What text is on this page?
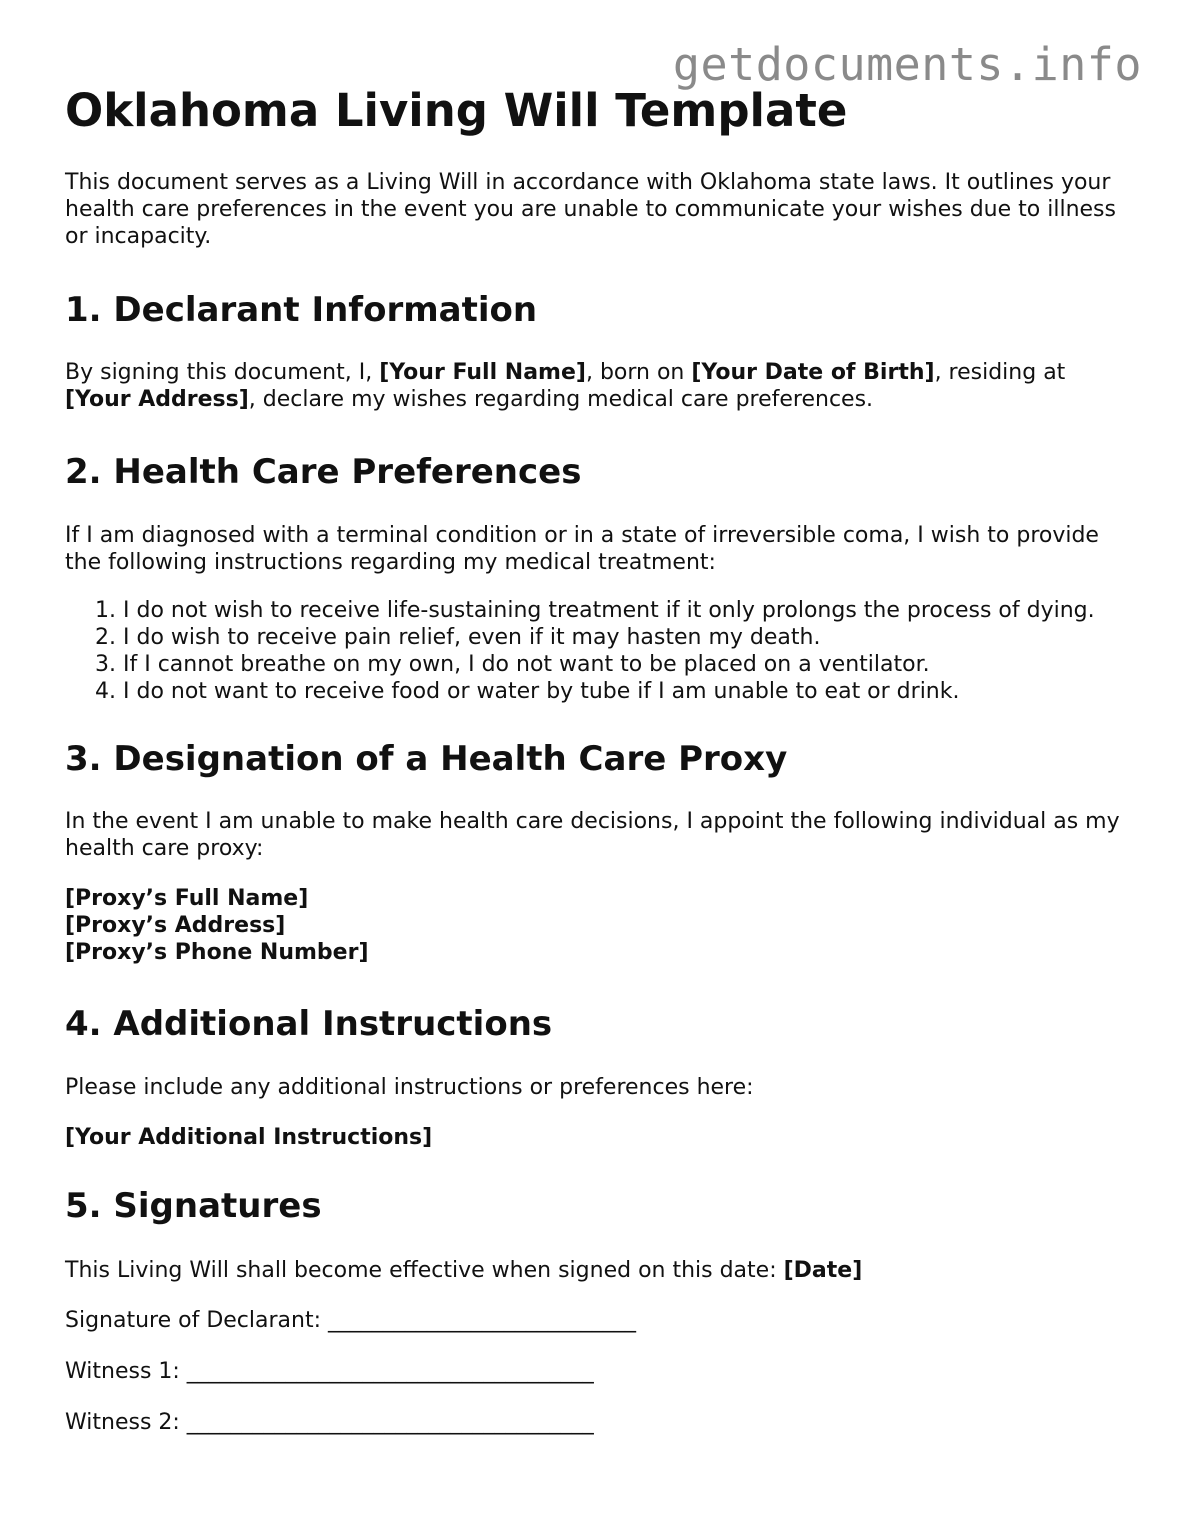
getdocuments.info
Oklahoma Living Will Template

This document serves as a Living Will in accordance with Oklahoma state laws. It outlines your health care preferences in the event you are unable to communicate your wishes due to illness or incapacity.

1. Declarant Information

By signing this document, I, [Your Full Name], born on [Your Date of Birth], residing at [Your Address], declare my wishes regarding medical care preferences.

2. Health Care Preferences

If I am diagnosed with a terminal condition or in a state of irreversible coma, I wish to provide the following instructions regarding my medical treatment:

1. I do not wish to receive life-sustaining treatment if it only prolongs the process of dying.
2. I do wish to receive pain relief, even if it may hasten my death.
3. If I cannot breathe on my own, I do not want to be placed on a ventilator.
4. I do not want to receive food or water by tube if I am unable to eat or drink.
3. Designation of a Health Care Proxy

In the event I am unable to make health care decisions, I appoint the following individual as my health care proxy:

[Proxy’s Full Name]
[Proxy’s Address]
[Proxy’s Phone Number]

4. Additional Instructions

Please include any additional instructions or preferences here:

[Your Additional Instructions]

5. Signatures

This Living Will shall become effective when signed on this date: [Date]

Signature of Declarant: ____________________________

Witness 1: _____________________________________

Witness 2: _____________________________________
